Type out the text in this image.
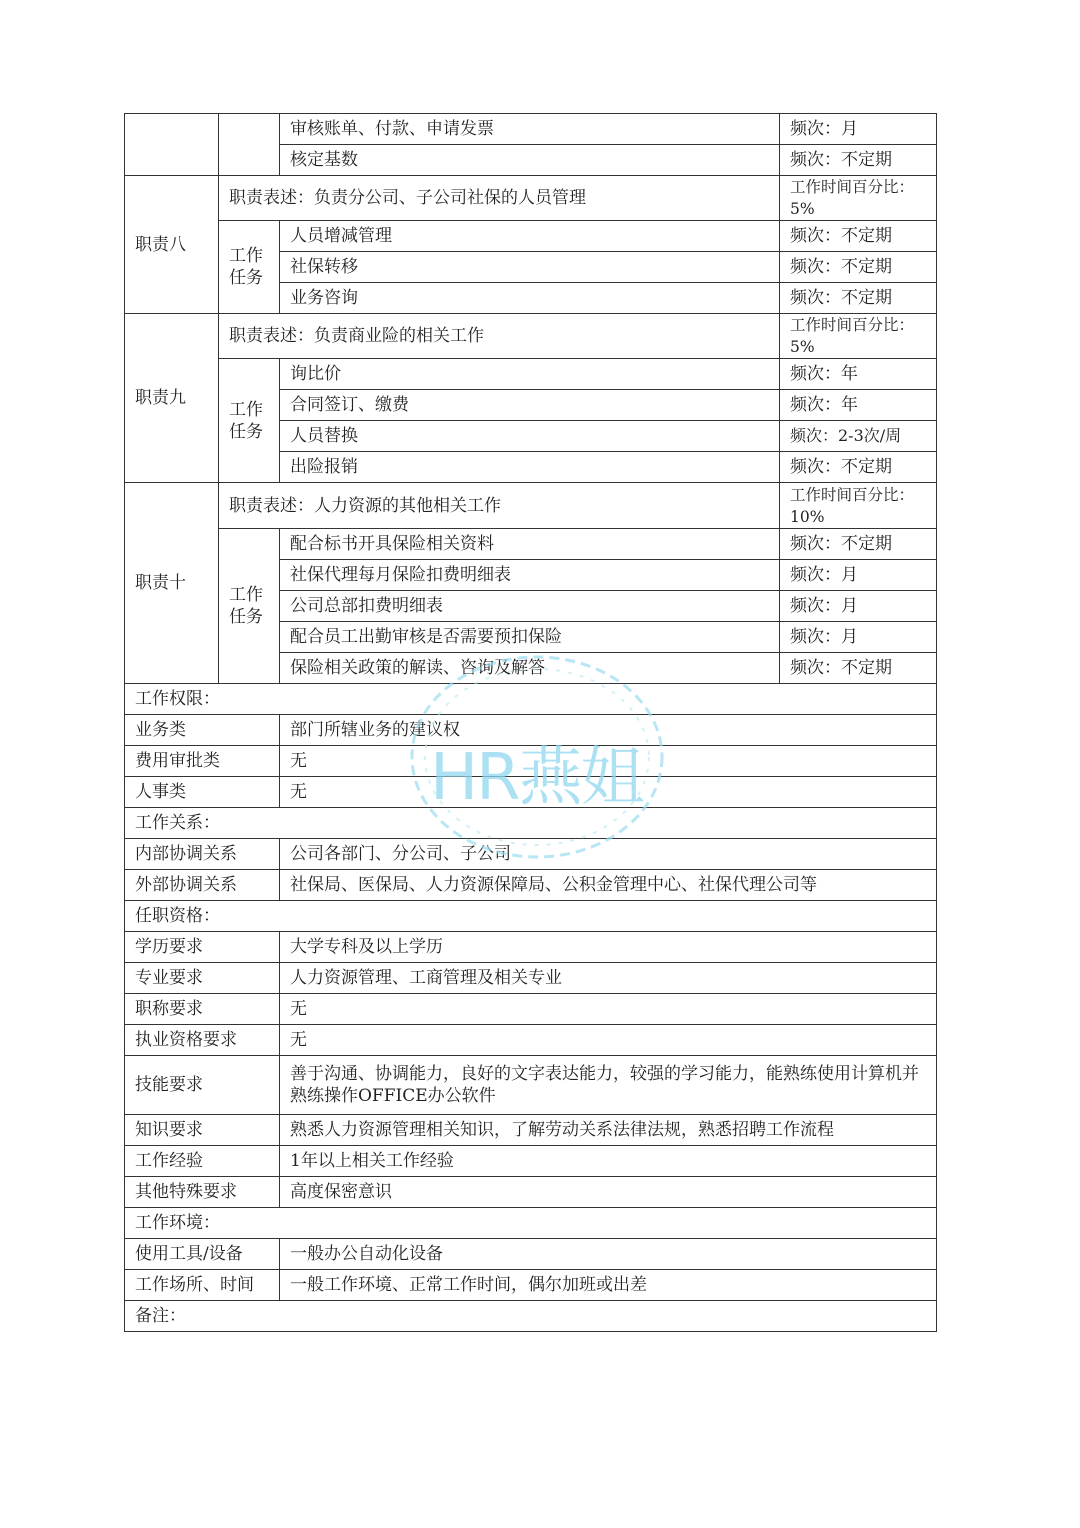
		审核账单、付款、申请发票	频次：月
		核定基数	频次：不定期
职责八	职责表述：负责分公司、子公司社保的人员管理		工作时间百分比：5%
	工作任务	人员增减管理	频次：不定期
		社保转移	频次：不定期
		业务咨询	频次：不定期
职责九	职责表述：负责商业险的相关工作		工作时间百分比：5%
	工作任务	询比价	频次：年
		合同签订、缴费	频次：年
		人员替换	频次：2-3次/周
		出险报销	频次：不定期
职责十	职责表述：人力资源的其他相关工作		工作时间百分比：10%
	工作任务	配合标书开具保险相关资料	频次：不定期
		社保代理每月保险扣费明细表	频次：月
		公司总部扣费明细表	频次：月
		配合员工出勤审核是否需要预扣保险	频次：月
		保险相关政策的解读、咨询及解答	频次：不定期
工作权限：			
业务类		部门所辖业务的建议权	
费用审批类		无	
人事类		无	
工作关系：			
内部协调关系		公司各部门、分公司、子公司	
外部协调关系		社保局、医保局、人力资源保障局、公积金管理中心、社保代理公司等	
任职资格：			
学历要求		大学专科及以上学历	
专业要求		人力资源管理、工商管理及相关专业	
职称要求		无	
执业资格要求		无	
技能要求		善于沟通、协调能力，良好的文字表达能力，较强的学习能力，能熟练使用计算机并熟练操作OFFICE办公软件	
知识要求		熟悉人力资源管理相关知识，了解劳动关系法律法规，熟悉招聘工作流程	
工作经验		1年以上相关工作经验	
其他特殊要求		高度保密意识	
工作环境：			
使用工具/设备		一般办公自动化设备	
工作场所、时间		一般工作环境、正常工作时间，偶尔加班或出差	
备注：			
HR燕姐
